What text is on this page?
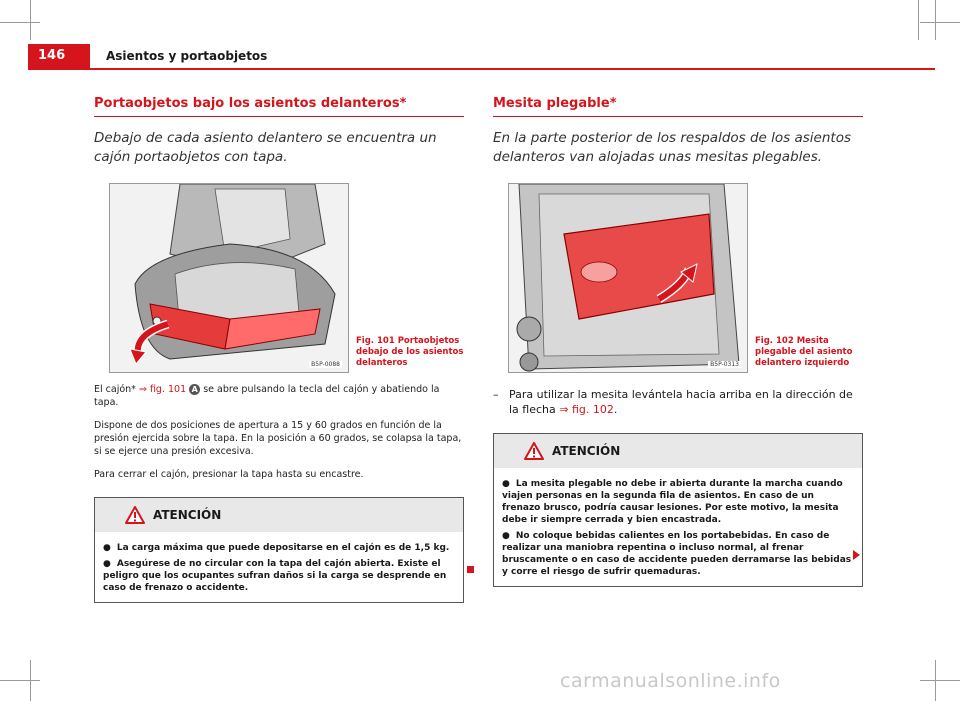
146	Asientos y portaobjetos
Portaobjetos bajo los asientos delanteros*
Debajo de cada asiento delantero se encuentra un cajón portaobjetos con tapa.
B5P-0088
Fig. 101 Portaobjetos debajo de los asientos delanteros

El cajón* ⇒ fig. 101 A se abre pulsando la tecla del cajón y abatiendo la tapa.

Dispone de dos posiciones de apertura a 15 y 60 grados en función de la presión ejercida sobre la tapa. En la posición a 60 grados, se colapsa la tapa, si se ejerce una presión excesiva.

Para cerrar el cajón, presionar la tapa hasta su encastre.

ATENCIÓN
● La carga máxima que puede depositarse en el cajón es de 1,5 kg.
● Asegúrese de no circular con la tapa del cajón abierta. Existe el peligro que los ocupantes sufran daños si la carga se desprende en caso de frenazo o accidente.
Mesita plegable*
En la parte posterior de los respaldos de los asientos delanteros van alojadas unas mesitas plegables.
B5P-0313
Fig. 102 Mesita plegable del asiento delantero izquierdo
– Para utilizar la mesita levántela hacia arriba en la dirección de la flecha ⇒ fig. 102.
ATENCIÓN
● La mesita plegable no debe ir abierta durante la marcha cuando viajen personas en la segunda fila de asientos. En caso de un frenazo brusco, podría causar lesiones. Por este motivo, la mesita debe ir siempre cerrada y bien encastrada.
● No coloque bebidas calientes en los portabebidas. En caso de realizar una maniobra repentina o incluso normal, al frenar bruscamente o en caso de accidente pueden derramarse las bebidas y corre el riesgo de sufrir quemaduras.
carmanualsonline.info
